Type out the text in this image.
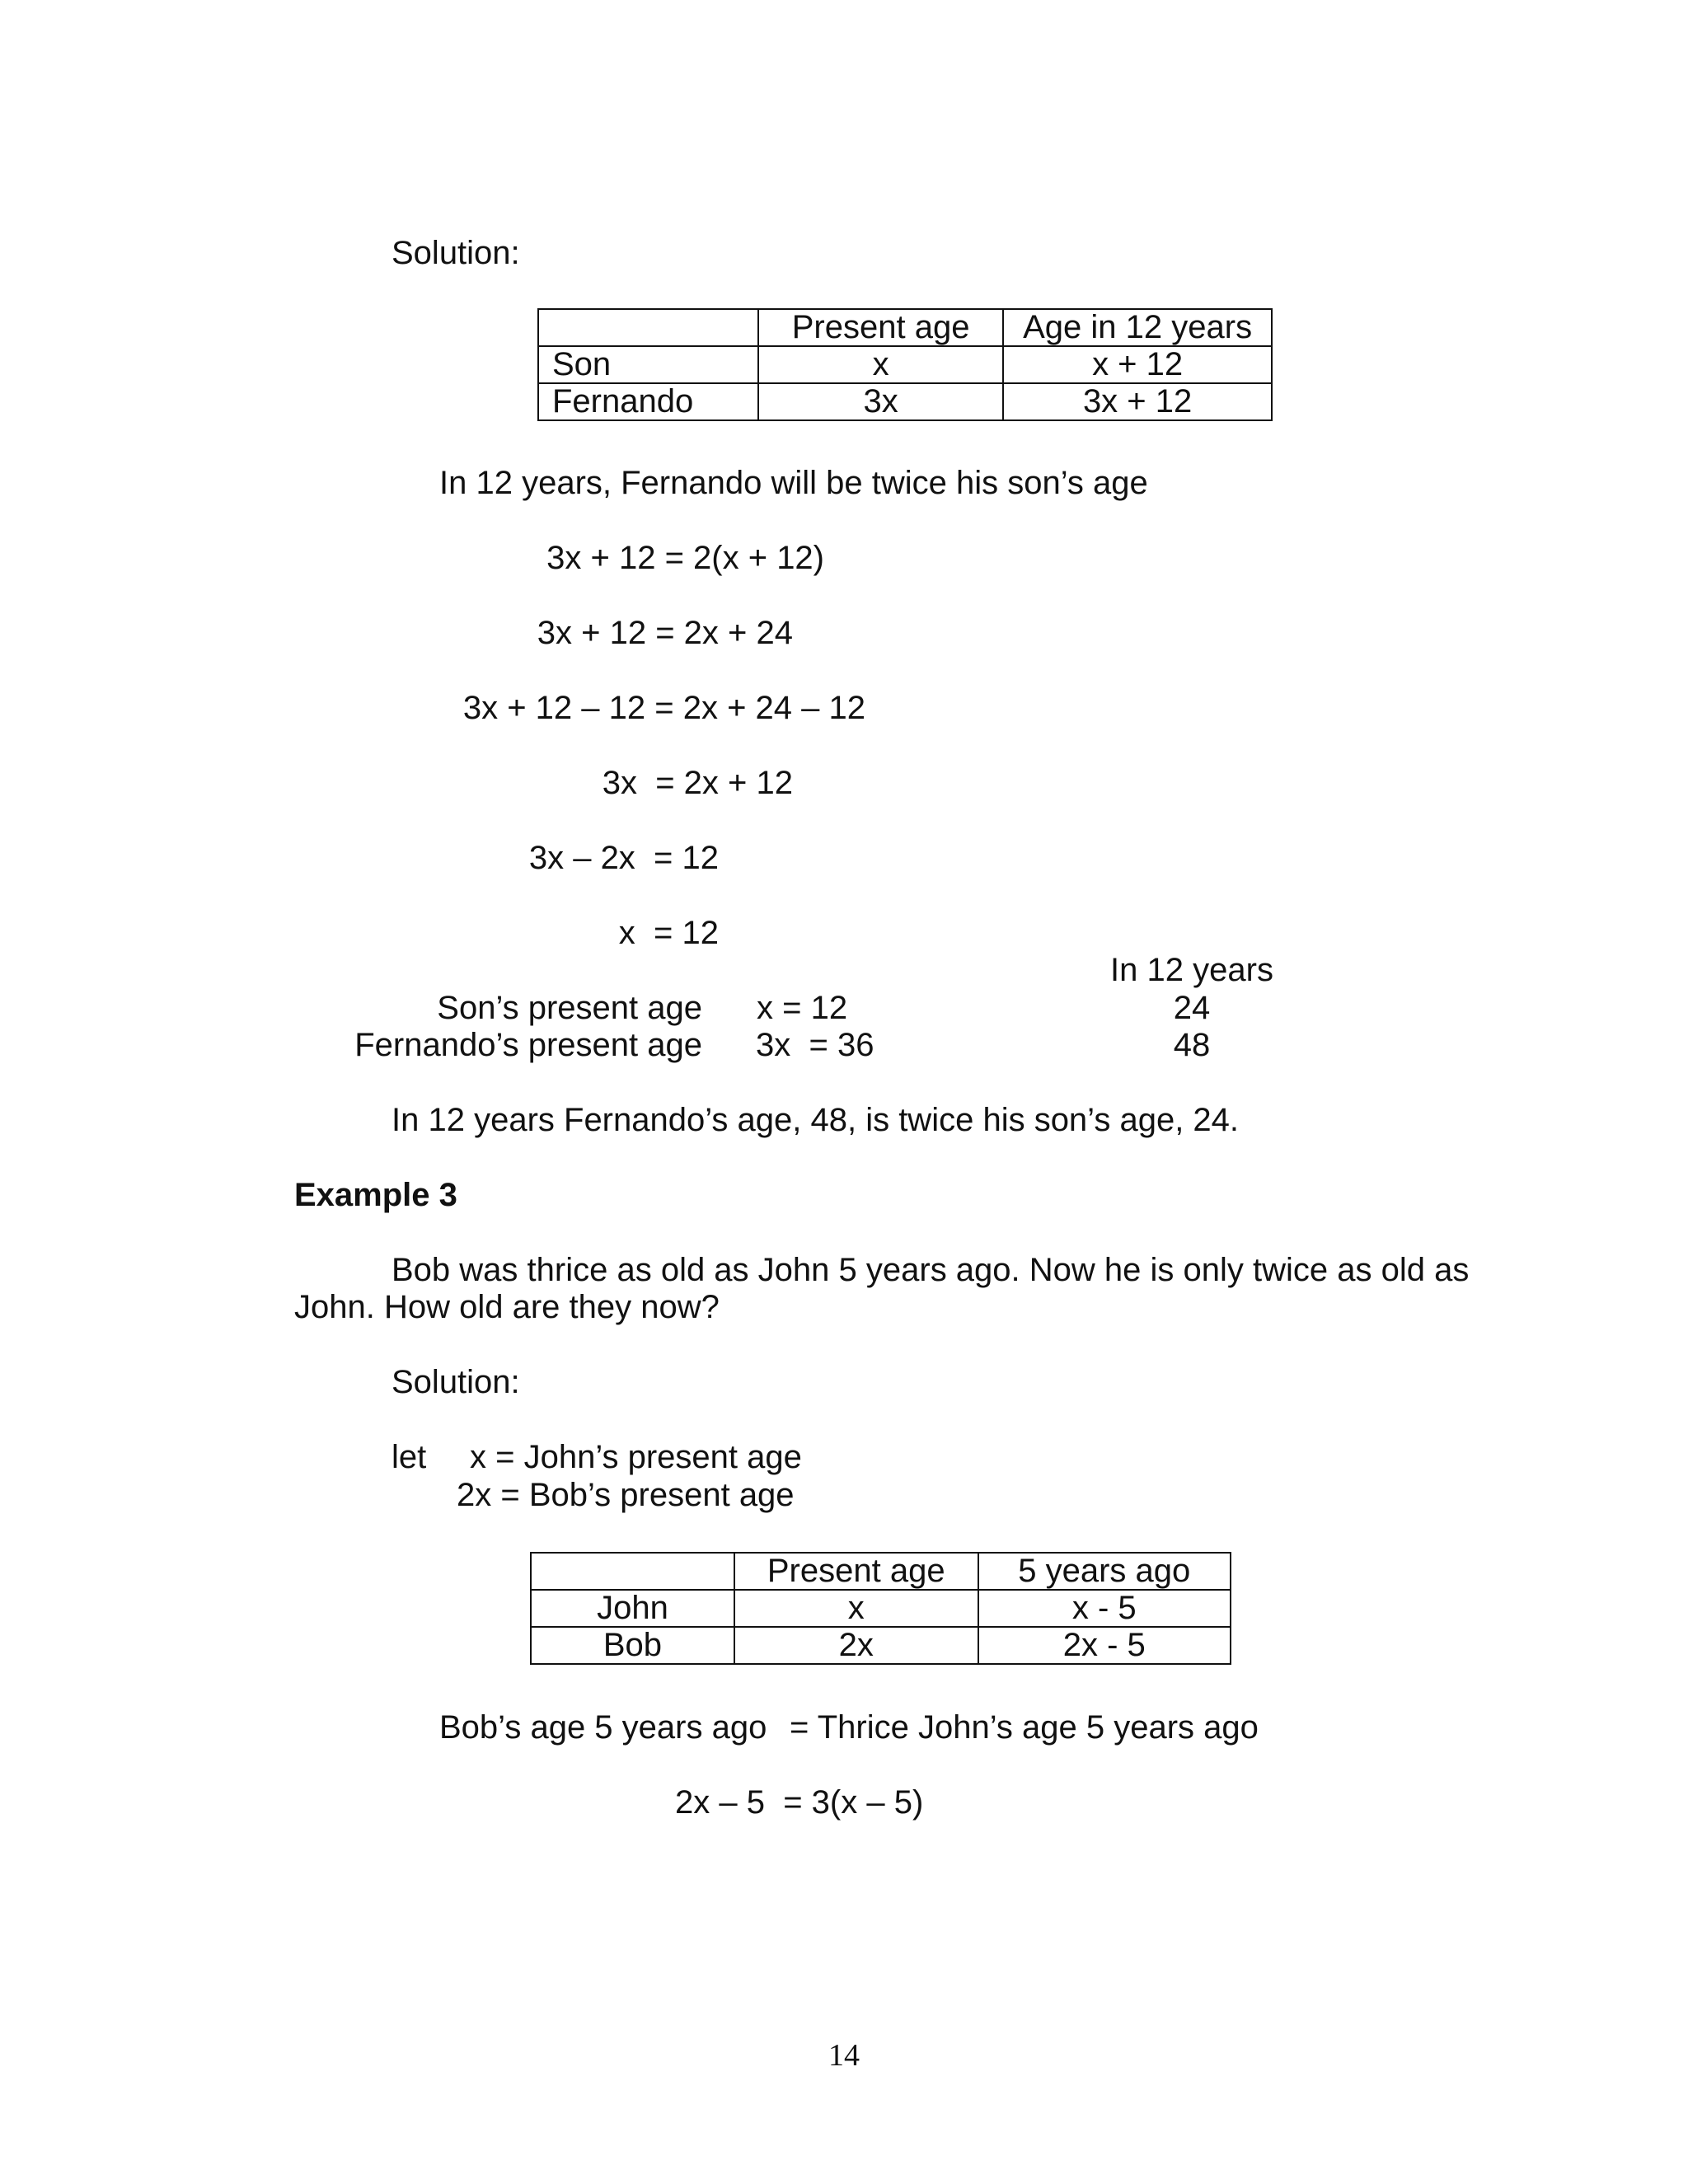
Solution:
	Present age	Age in 12 years
Son	x	x + 12
Fernando	3x	3x + 12
In 12 years, Fernando will be twice his son’s age
3x + 12 = 2(x + 12)
3x + 12 = 2x + 24
3x + 12 – 12 = 2x + 24 – 12
3x  = 2x + 12
3x – 2x  = 12
x  = 12
In 12 years
Son’s present age x = 12	24
Fernando’s present age 3x  = 36	48
In 12 years Fernando’s age, 48, is twice his son’s age, 24.
Example 3
Bob was thrice as old as John 5 years ago. Now he is only twice as old as
John. How old are they now?
Solution:
let x = John’s present age
2x = Bob’s present age
	Present age	5 years ago
John	x	x - 5
Bob	2x	2x - 5
Bob’s age 5 years ago = Thrice John’s age 5 years ago
2x – 5  = 3(x – 5)
14
